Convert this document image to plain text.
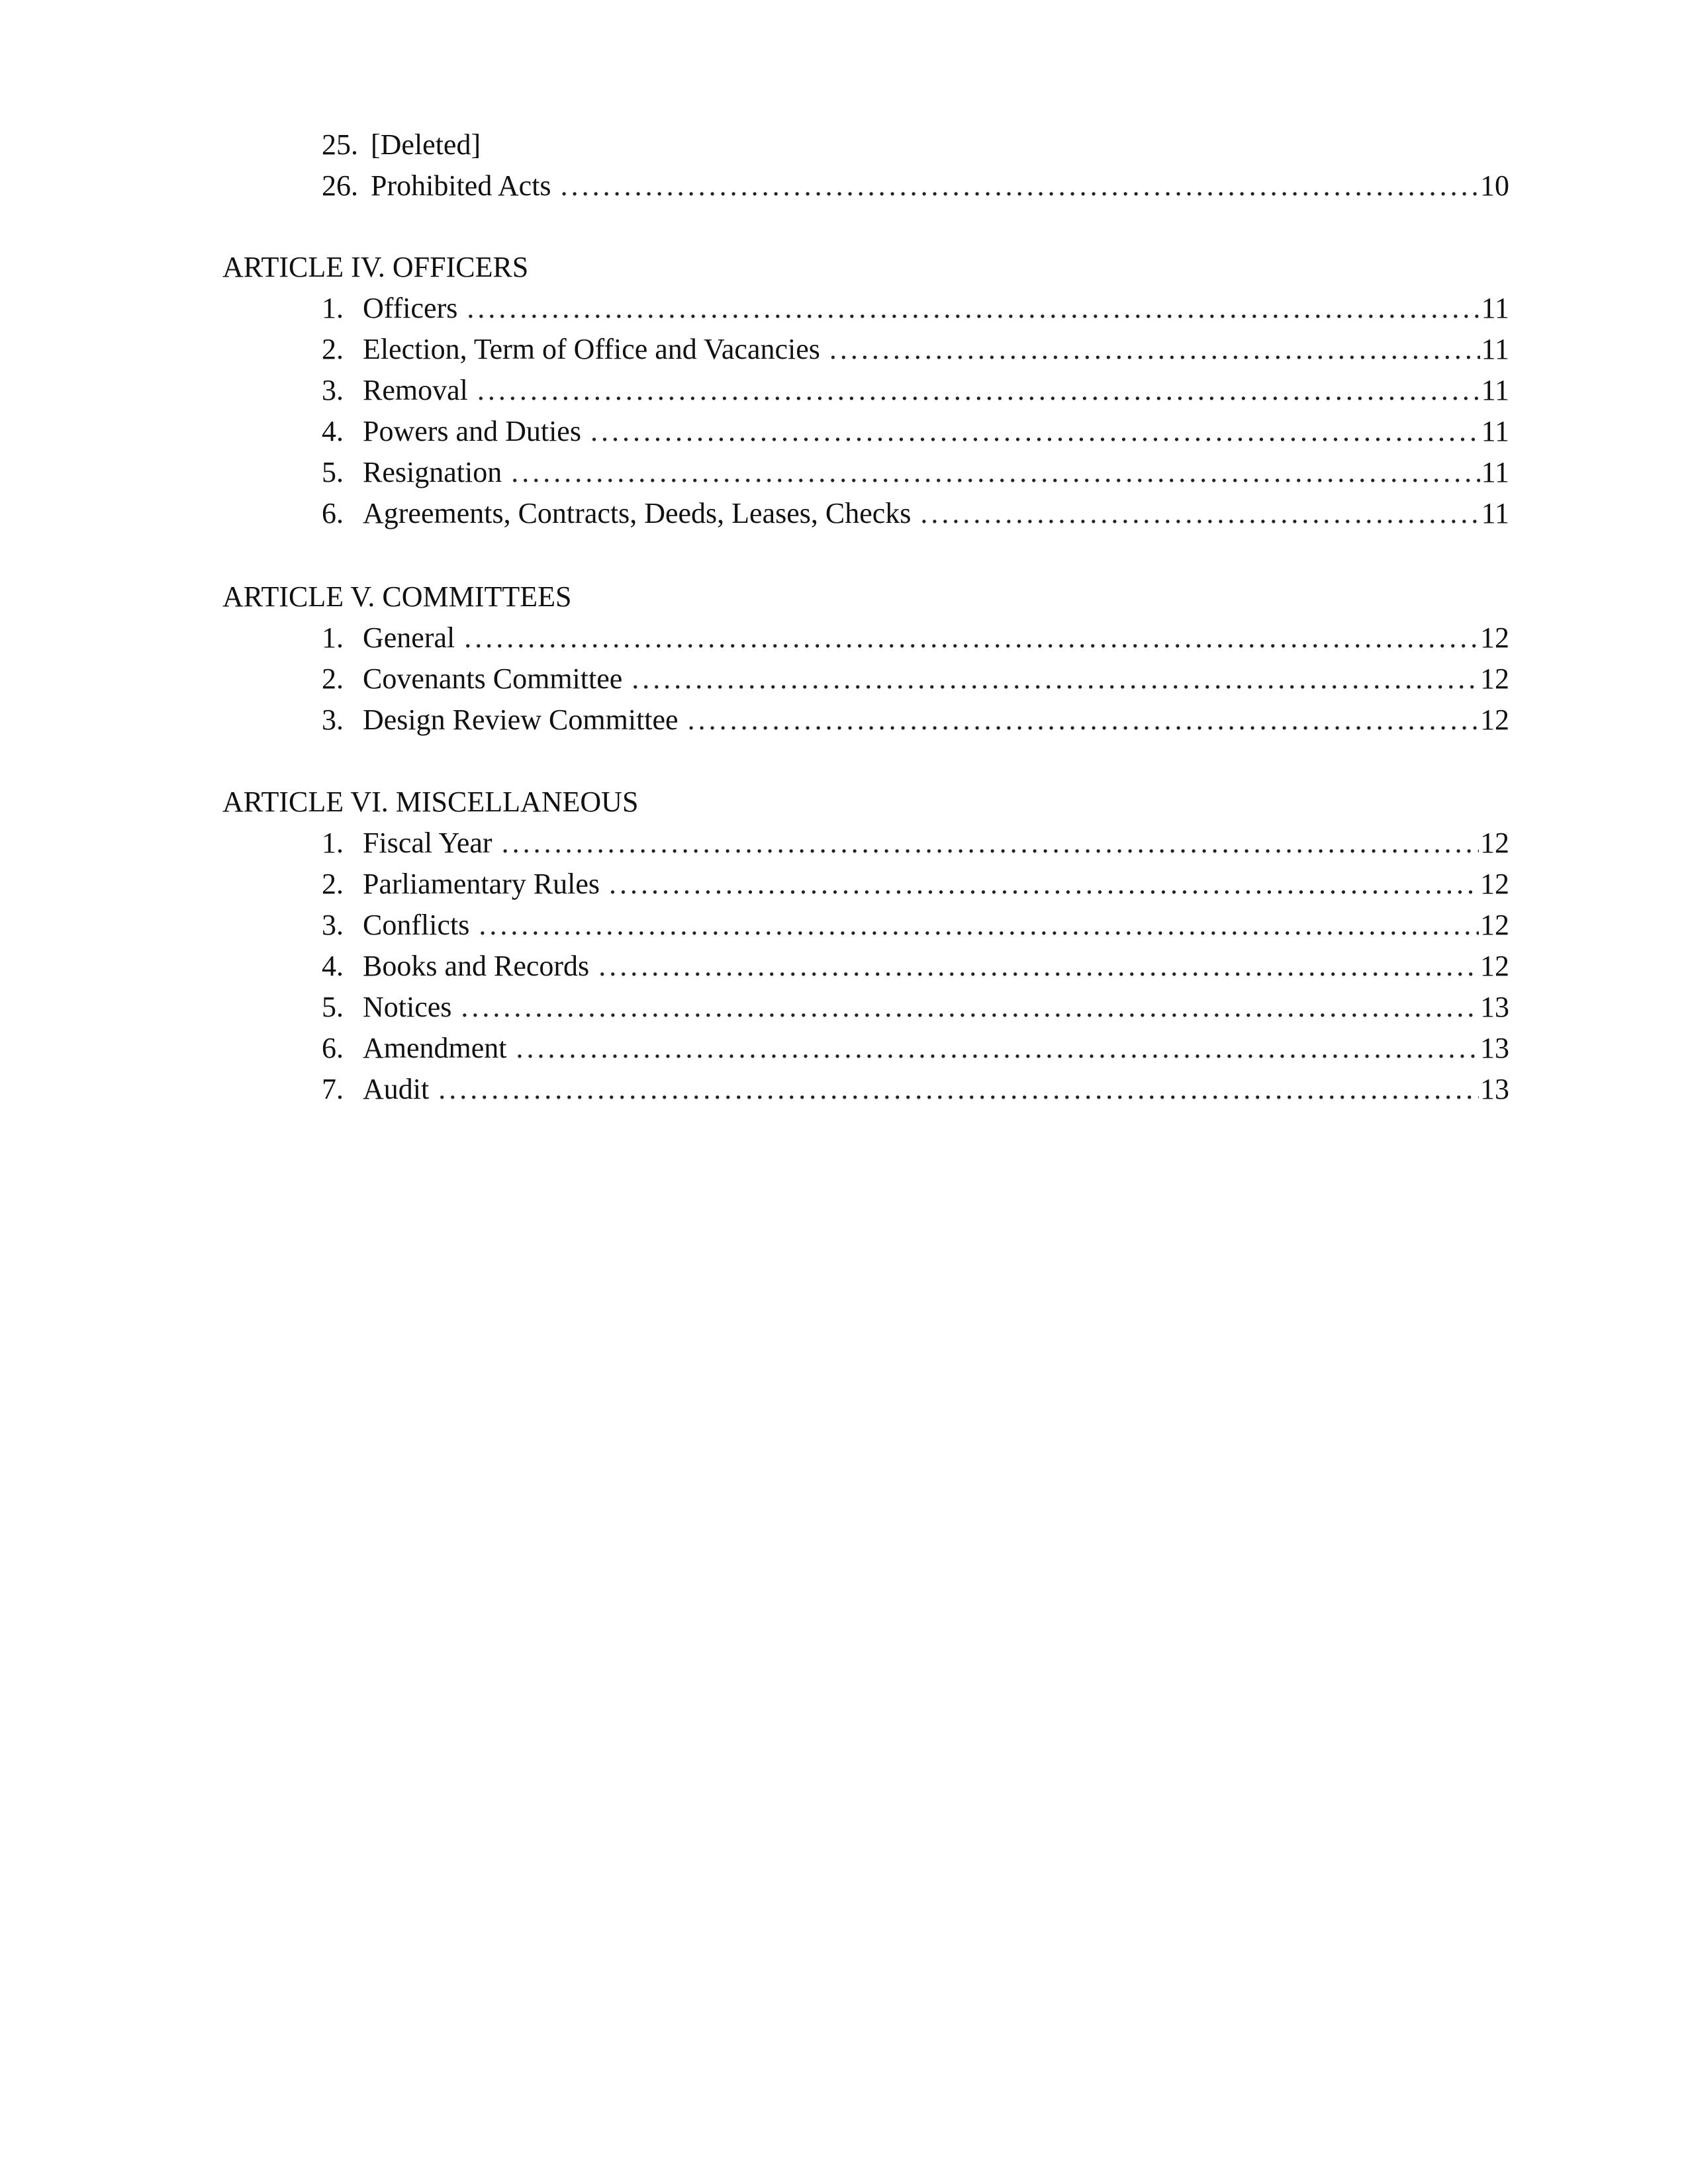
25. [Deleted]
26. Prohibited Acts . . .	10
ARTICLE IV. OFFICERS
1. Officers . . .	11
2. Election, Term of Office and Vacancies . . .	11
3. Removal . . .	11
4. Powers and Duties . . .	11
5. Resignation . . .	11
6. Agreements, Contracts, Deeds, Leases, Checks . . .	11
ARTICLE V. COMMITTEES
1. General . . .	12
2. Covenants Committee . . .	12
3. Design Review Committee . . .	12
ARTICLE VI. MISCELLANEOUS
1. Fiscal Year . . .	12
2. Parliamentary Rules . . .	12
3. Conflicts . . .	12
4. Books and Records . . .	12
5. Notices . . .	13
6. Amendment . . .	13
7. Audit . . .	13
